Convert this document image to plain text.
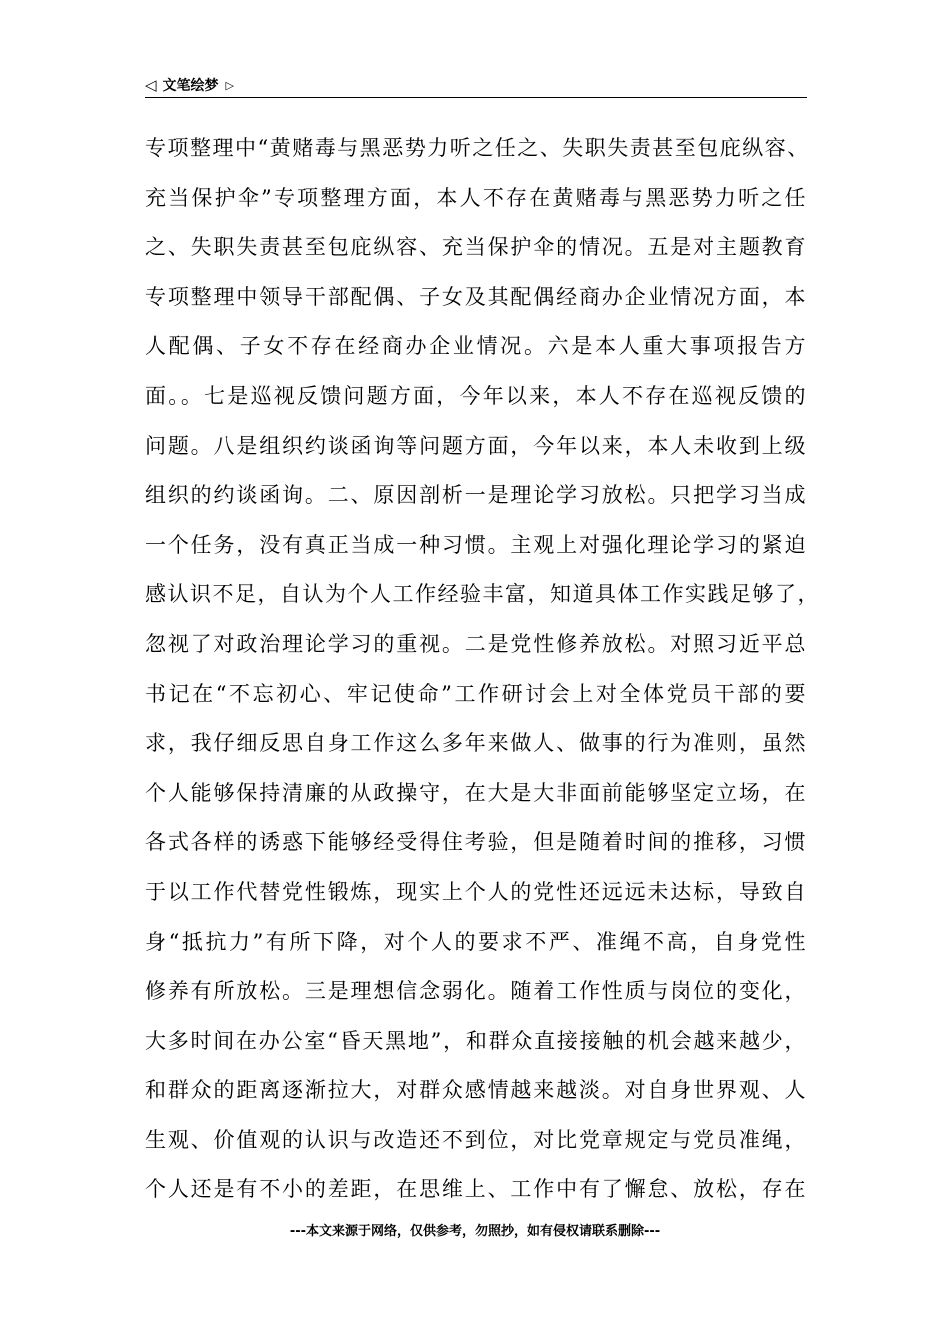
◁ 文笔绘梦 ▷
专项整理中“黄赌毒与黑恶势力听之任之、失职失责甚至包庇纵容、
充当保护伞”专项整理方面，本人不存在黄赌毒与黑恶势力听之任
之、失职失责甚至包庇纵容、充当保护伞的情况。五是对主题教育
专项整理中领导干部配偶、子女及其配偶经商办企业情况方面，本
人配偶、子女不存在经商办企业情况。六是本人重大事项报告方
面。。七是巡视反馈问题方面，今年以来，本人不存在巡视反馈的
问题。八是组织约谈函询等问题方面，今年以来，本人未收到上级
组织的约谈函询。二、原因剖析一是理论学习放松。只把学习当成
一个任务，没有真正当成一种习惯。主观上对强化理论学习的紧迫
感认识不足，自认为个人工作经验丰富，知道具体工作实践足够了，
忽视了对政治理论学习的重视。二是党性修养放松。对照习近平总
书记在“不忘初心、牢记使命”工作研讨会上对全体党员干部的要
求，我仔细反思自身工作这么多年来做人、做事的行为准则，虽然
个人能够保持清廉的从政操守，在大是大非面前能够坚定立场，在
各式各样的诱惑下能够经受得住考验，但是随着时间的推移，习惯
于以工作代替党性锻炼，现实上个人的党性还远远未达标，导致自
身“抵抗力”有所下降，对个人的要求不严、准绳不高，自身党性
修养有所放松。三是理想信念弱化。随着工作性质与岗位的变化，
大多时间在办公室“昏天黑地”，和群众直接接触的机会越来越少，
和群众的距离逐渐拉大，对群众感情越来越淡。对自身世界观、人
生观、价值观的认识与改造还不到位，对比党章规定与党员准绳，
个人还是有不小的差距，在思维上、工作中有了懈怠、放松，存在
---本文来源于网络，仅供参考，勿照抄，如有侵权请联系删除---
